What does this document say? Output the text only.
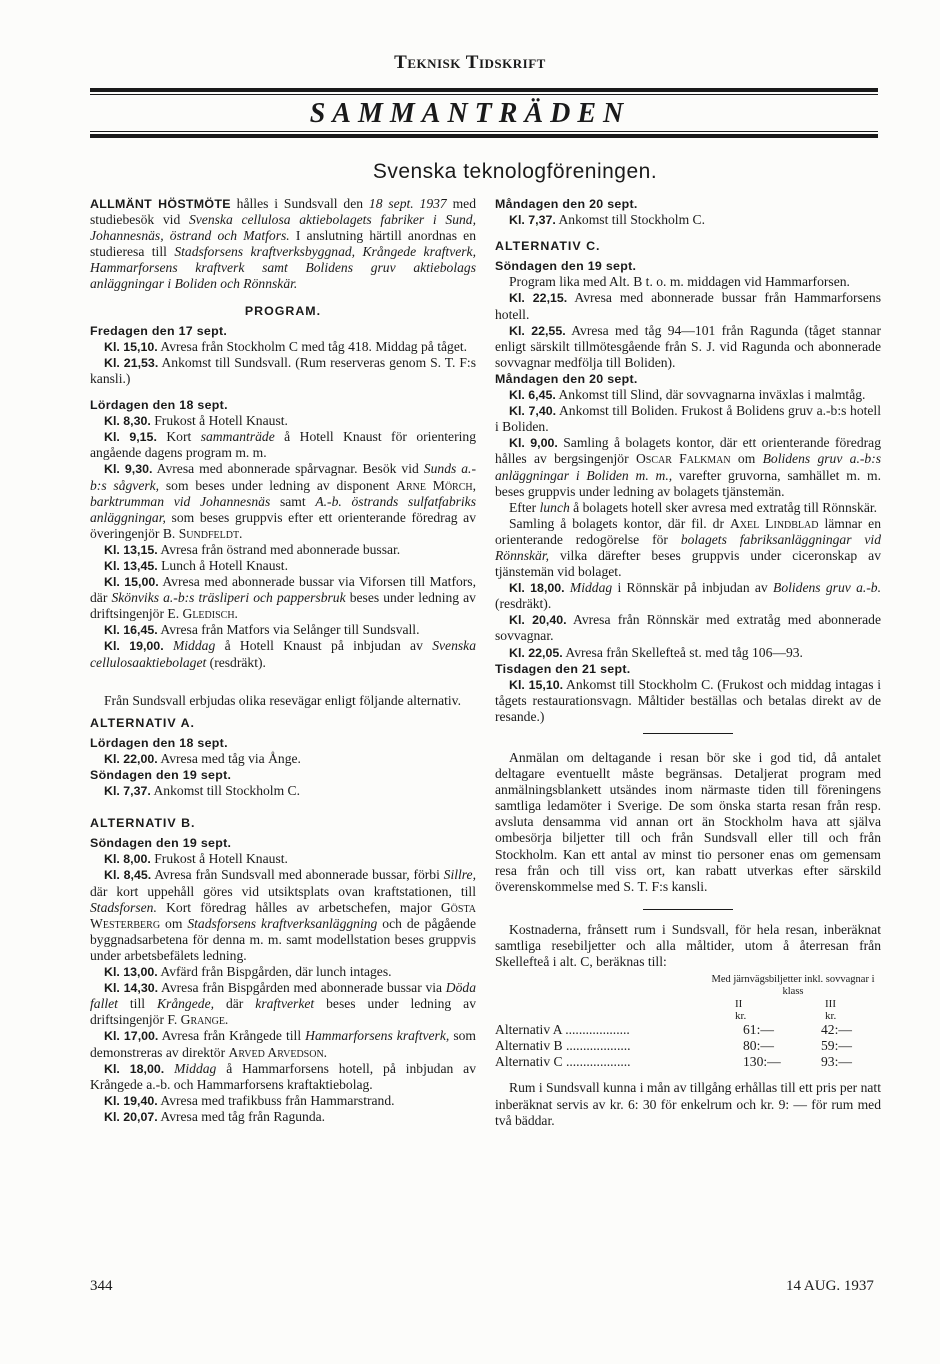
Teknisk Tidskrift
SAMMANTRÄDEN
Svenska teknologföreningen.

ALLMÄNT HÖSTMÖTE hålles i Sundsvall den 18 sept. 1937 med studiebesök vid Svenska cellulosa aktiebolagets fabriker i Sund, Johannesnäs, östrand och Matfors. I anslutning härtill anordnas en studieresa till Stadsforsens kraftverksbyggnad, Krångede kraftverk, Hammarforsens kraftverk samt Bolidens gruv aktiebolags anläggningar i Boliden och Rönnskär.

PROGRAM.

Fredagen den 17 sept.

Kl. 15,10. Avresa från Stockholm C med tåg 418. Middag på tåget.

Kl. 21,53. Ankomst till Sundsvall. (Rum reserveras genom S. T. F:s kansli.)

Lördagen den 18 sept.

Kl. 8,30. Frukost å Hotell Knaust.

Kl. 9,15. Kort sammanträde å Hotell Knaust för orientering angående dagens program m. m.

Kl. 9,30. Avresa med abonnerade spårvagnar. Besök vid Sunds a.-b:s sågverk, som beses under ledning av disponent Arne Mörch, barktrumman vid Johannesnäs samt A.-b. östrands sulfatfabriks anläggningar, som beses gruppvis efter ett orienterande föredrag av överingenjör B. Sundfeldt.

Kl. 13,15. Avresa från östrand med abonnerade bussar.

Kl. 13,45. Lunch å Hotell Knaust.

Kl. 15,00. Avresa med abonnerade bussar via Viforsen till Matfors, där Skönviks a.-b:s träsliperi och pappersbruk beses under ledning av driftsingenjör E. Gledisch.

Kl. 16,45. Avresa från Matfors via Selånger till Sundsvall.

Kl. 19,00. Middag å Hotell Knaust på inbjudan av Svenska cellulosaaktiebolaget (resdräkt).

Från Sundsvall erbjudas olika resevägar enligt följande alternativ.

ALTERNATIV A.

Lördagen den 18 sept.

Kl. 22,00. Avresa med tåg via Ånge.

Söndagen den 19 sept.

Kl. 7,37. Ankomst till Stockholm C.

ALTERNATIV B.

Söndagen den 19 sept.

Kl. 8,00. Frukost å Hotell Knaust.

Kl. 8,45. Avresa från Sundsvall med abonnerade bussar, förbi Sillre, där kort uppehåll göres vid utsiktsplats ovan kraftstationen, till Stadsforsen. Kort föredrag hålles av arbetschefen, major Gösta Westerberg om Stadsforsens kraftverksanläggning och de pågående byggnadsarbetena för denna m. m. samt modellstation beses gruppvis under arbetsbefälets ledning.

Kl. 13,00. Avfärd från Bispgården, där lunch intages.

Kl. 14,30. Avresa från Bispgården med abonnerade bussar via Döda fallet till Krångede, där kraftverket beses under ledning av driftsingenjör F. Grange.

Kl. 17,00. Avresa från Krångede till Hammarforsens kraftverk, som demonstreras av direktör Arved Arvedson.

Kl. 18,00. Middag å Hammarforsens hotell, på inbjudan av Krångede a.-b. och Hammarforsens kraftaktiebolag.

Kl. 19,40. Avresa med trafikbuss från Hammarstrand.

Kl. 20,07. Avresa med tåg från Ragunda.

Måndagen den 20 sept.

Kl. 7,37. Ankomst till Stockholm C.

ALTERNATIV C.

Söndagen den 19 sept.

Program lika med Alt. B t. o. m. middagen vid Hammarforsen.

Kl. 22,15. Avresa med abonnerade bussar från Hammarforsens hotell.

Kl. 22,55. Avresa med tåg 94—101 från Ragunda (tåget stannar enligt särskilt tillmötesgående från S. J. vid Ragunda och abonnerade sovvagnar medfölja till Boliden).

Måndagen den 20 sept.

Kl. 6,45. Ankomst till Slind, där sovvagnarna inväxlas i malmtåg.

Kl. 7,40. Ankomst till Boliden. Frukost å Bolidens gruv a.-b:s hotell i Boliden.

Kl. 9,00. Samling å bolagets kontor, där ett orienterande föredrag hålles av bergsingenjör Oscar Falkman om Bolidens gruv a.-b:s anläggningar i Boliden m. m., varefter gruvorna, samhället m. m. beses gruppvis under ledning av bolagets tjänstemän.

Efter lunch å bolagets hotell sker avresa med extratåg till Rönnskär.

Samling å bolagets kontor, där fil. dr Axel Lindblad lämnar en orienterande redogörelse för bolagets fabriksanläggningar vid Rönnskär, vilka därefter beses gruppvis under ciceronskap av tjänstemän vid bolaget.

Kl. 18,00. Middag i Rönnskär på inbjudan av Bolidens gruv a.-b. (resdräkt).

Kl. 20,40. Avresa från Rönnskär med extratåg med abonnerade sovvagnar.

Kl. 22,05. Avresa från Skellefteå st. med tåg 106—93.

Tisdagen den 21 sept.

Kl. 15,10. Ankomst till Stockholm C. (Frukost och middag intagas i tågets restaurationsvagn. Måltider beställas och betalas direkt av de resande.)

Anmälan om deltagande i resan bör ske i god tid, då antalet deltagare eventuellt måste begränsas. Detaljerat program med anmälningsblankett utsändes inom närmaste tiden till föreningens samtliga ledamöter i Sverige. De som önska starta resan från resp. avsluta densamma vid annan ort än Stockholm hava att själva ombesörja biljetter till och från Sundsvall eller till och från Stockholm. Kan ett antal av minst tio personer enas om gemensam resa från och till viss ort, kan rabatt utverkas efter särskild överenskommelse med S. T. F:s kansli.

Kostnaderna, frånsett rum i Sundsvall, för hela resan, inberäknat samtliga resebiljetter och alla måltider, utom å återresan från Skellefteå i alt. C, beräknas till:

Med järnvägsbiljetter inkl. sovvagnar i klass
II	III
kr.	kr.
Alternativ A ...................	61:—	42:—
Alternativ B ...................	80:—	59:—
Alternativ C ...................	130:—	93:—

Rum i Sundsvall kunna i mån av tillgång erhållas till ett pris per natt inberäknat servis av kr. 6: 30 för enkelrum och kr. 9: — för rum med två bäddar.

344	14 AUG. 1937
